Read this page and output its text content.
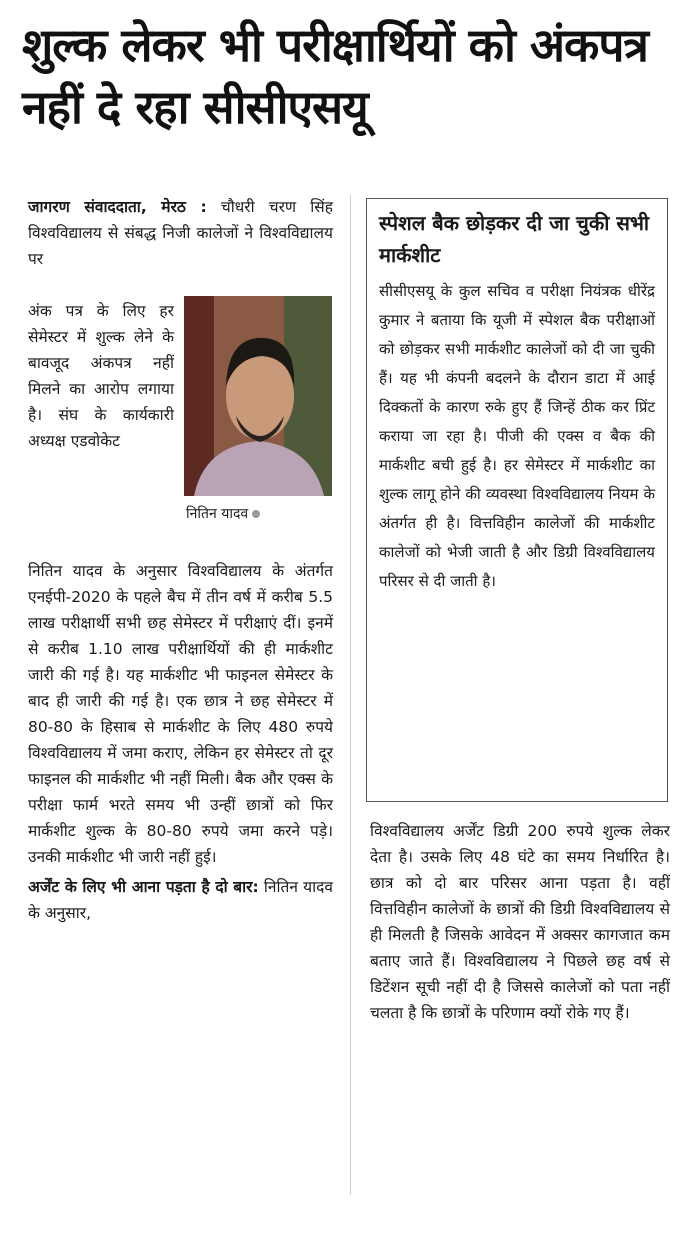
शुल्क लेकर भी परीक्षार्थियों को अंकपत्र नहीं दे रहा सीसीएसयू
जागरण संवाददाता, मेरठ : चौधरी चरण सिंह विश्वविद्यालय से संबद्ध निजी कालेजों ने विश्वविद्यालय पर
अंक पत्र के लिए हर सेमेस्टर में शुल्क लेने के बावजूद अंकपत्र नहीं मिलने का आरोप लगाया है। संघ के कार्यकारी अध्यक्ष एडवोकेट
नितिन यादव
नितिन यादव के अनुसार विश्वविद्यालय के अंतर्गत एनईपी-2020 के पहले बैच में तीन वर्ष में करीब 5.5 लाख परीक्षार्थी सभी छह सेमेस्टर में परीक्षाएं दीं। इनमें से करीब 1.10 लाख परीक्षार्थियों की ही मार्कशीट जारी की गई है। यह मार्कशीट भी फाइनल सेमेस्टर के बाद ही जारी की गई है। एक छात्र ने छह सेमेस्टर में 80-80 के हिसाब से मार्कशीट के लिए 480 रुपये विश्वविद्यालय में जमा कराए, लेकिन हर सेमेस्टर तो दूर फाइनल की मार्कशीट भी नहीं मिली। बैक और एक्स के परीक्षा फार्म भरते समय भी उन्हीं छात्रों को फिर मार्कशीट शुल्क के 80-80 रुपये जमा करने पड़े। उनकी मार्कशीट भी जारी नहीं हुई।
अर्जेंट के लिए भी आना पड़ता है दो बार: नितिन यादव के अनुसार,
स्पेशल बैक छोड़कर दी जा चुकी सभी मार्कशीट
सीसीएसयू के कुल सचिव व परीक्षा नियंत्रक धीरेंद्र कुमार ने बताया कि यूजी में स्पेशल बैक परीक्षाओं को छोड़कर सभी मार्कशीट कालेजों को दी जा चुकी हैं। यह भी कंपनी बदलने के दौरान डाटा में आई दिक्कतों के कारण रुके हुए हैं जिन्हें ठीक कर प्रिंट कराया जा रहा है। पीजी की एक्स व बैक की मार्कशीट बची हुई है। हर सेमेस्टर में मार्कशीट का शुल्क लागू होने की व्यवस्था विश्वविद्यालय नियम के अंतर्गत ही है। वित्तविहीन कालेजों की मार्कशीट कालेजों को भेजी जाती है और डिग्री विश्वविद्यालय परिसर से दी जाती है।
विश्वविद्यालय अर्जेंट डिग्री 200 रुपये शुल्क लेकर देता है। उसके लिए 48 घंटे का समय निर्धारित है। छात्र को दो बार परिसर आना पड़ता है। वहीं वित्तविहीन कालेजों के छात्रों की डिग्री विश्वविद्यालय से ही मिलती है जिसके आवेदन में अक्सर कागजात कम बताए जाते हैं। विश्वविद्यालय ने पिछले छह वर्ष से डिटेंशन सूची नहीं दी है जिससे कालेजों को पता नहीं चलता है कि छात्रों के परिणाम क्यों रोके गए हैं।
